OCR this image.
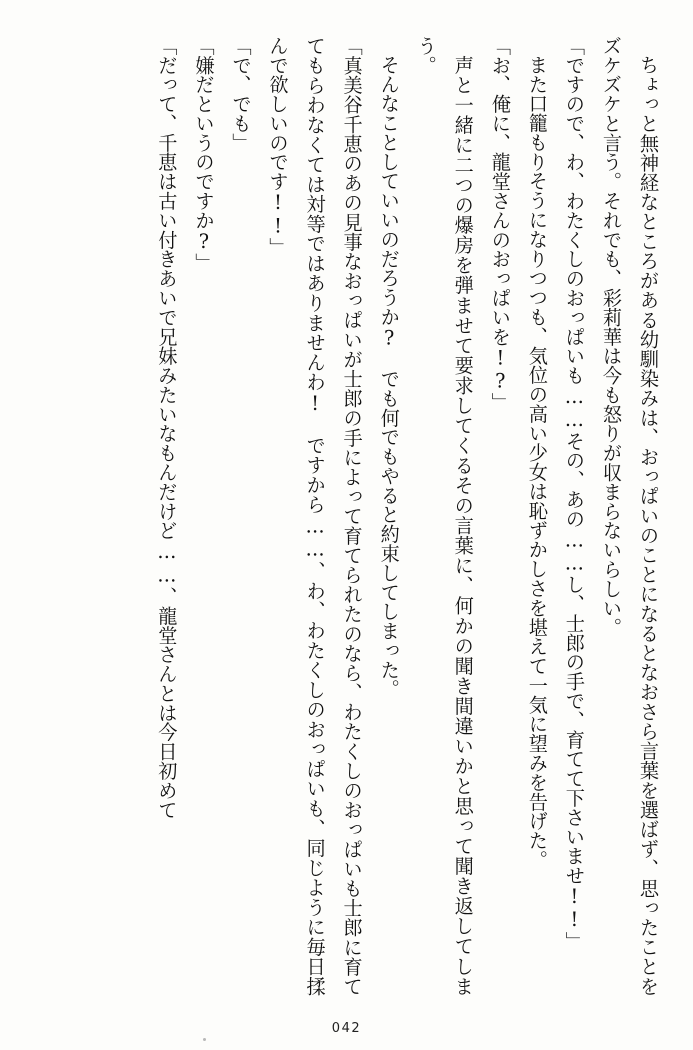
ちょっと無神経なところがある幼馴染みは、おっぱいのことになるとなおさら言葉を選ばず、思ったことをズケズケと言う。それでも、彩莉華は今も怒りが収まらないらしい。

「ですので、わ、わたくしのおっぱいも……その、あの……し、士郎の手で、育てて下さいませ!!」

また口籠もりそうになりつつも、気位の高い少女は恥ずかしさを堪えて一気に望みを告げた。

「お、俺に、龍堂さんのおっぱいを!?」

声と一緒に二つの爆房を弾ませて要求してくるその言葉に、何かの聞き間違いかと思って聞き返してしまう。

そんなことしていいのだろうか?　でも何でもやると約束してしまった。

「真美谷千恵のあの見事なおっぱいが士郎の手によって育てられたのなら、わたくしのおっぱいも士郎に育ててもらわなくては対等ではありませんわ!　ですから……、わ、わたくしのおっぱいも、同じように毎日揉んで欲しいのです!!」

「で、でも」

「嫌だというのですか?」

「だって、千恵は古い付きあいで兄妹みたいなもんだけど……、龍堂さんとは今日初めて

042
